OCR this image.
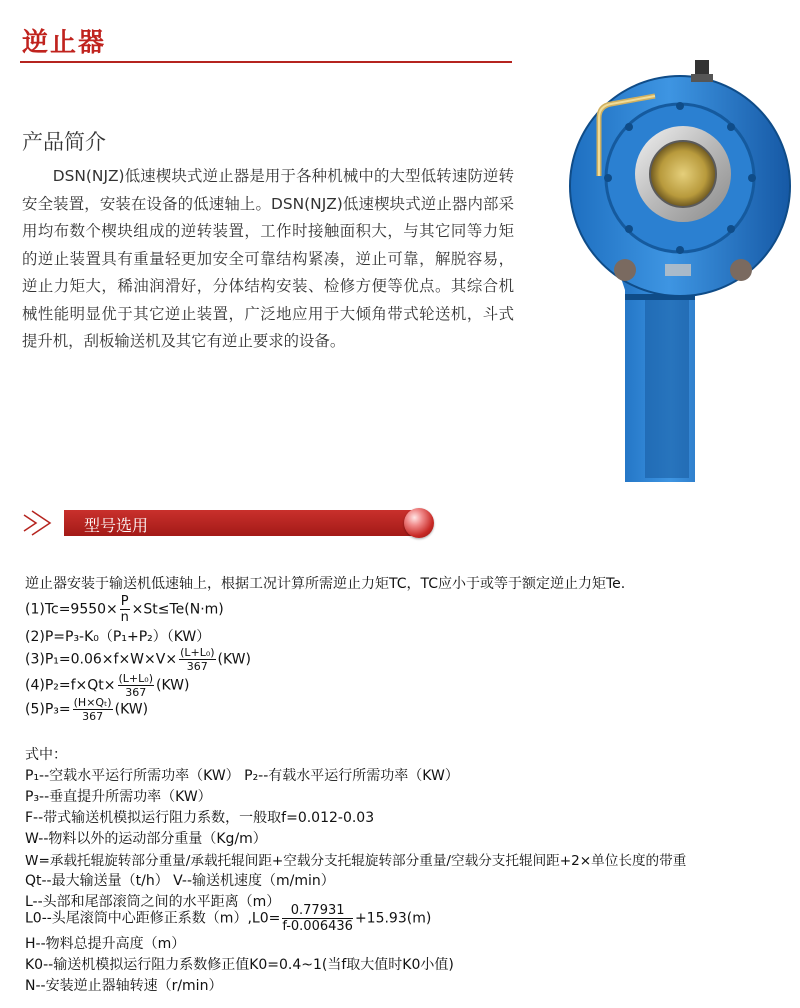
逆止器
产品简介

DSN(NJZ)低速楔块式逆止器是用于各种机械中的大型低转速防逆转安全装置，安装在设备的低速轴上。DSN(NJZ)低速楔块式逆止器内部采用均布数个楔块组成的逆转装置，工作时接触面积大，与其它同等力矩的逆止装置具有重量轻更加安全可靠结构紧凑，逆止可靠，解脱容易，逆止力矩大，稀油润滑好，分体结构安装、检修方便等优点。其综合机械性能明显优于其它逆止装置，广泛地应用于大倾角带式轮送机，斗式提升机，刮板输送机及其它有逆止要求的设备。

型号选用
逆止器安装于输送机低速轴上，根据工况计算所需逆止力矩TC，TC应小于或等于额定逆止力矩Te.
$(1)Tc=9550\times \frac{P}{n} \times St\le Te(N\cdot m)$
(2)P=P₃-K₀（P₁+P₂）（KW）
$(3)P_1=0.06\times f\times W\times V\times \frac{\text{(L+L₀)}}{367} (KW)$
$(4)P_2=f\times Qt\times \frac{\text{(L+L₀)}}{367} (KW)$
$(5)P_3= \frac{\text{(H×Qₜ)}}{367} (KW)$
式中：
P₁--空载水平运行所需功率（KW） P₂--有载水平运行所需功率（KW）
P₃--垂直提升所需功率（KW）
F--带式输送机模拟运行阻力系数，一般取f=0.012-0.03
W--物料以外的运动部分重量（Kg/m）
W=承载托辊旋转部分重量/承载托辊间距+空载分支托辊旋转部分重量/空载分支托辊间距+2×单位长度的带重
Qt--最大输送量（t/h） V--输送机速度（m/min）
L--头部和尾部滚筒之间的水平距离（m）
L0--头尾滚筒中心距修正系数$(m),L0= \frac{0.77931}{f-0.006436} +15.93(m)$
H--物料总提升高度（m）
K0--输送机模拟运行阻力系数修正值K0=0.4~1(当f取大值时K0小值)
N--安装逆止器轴转速（r/min）
